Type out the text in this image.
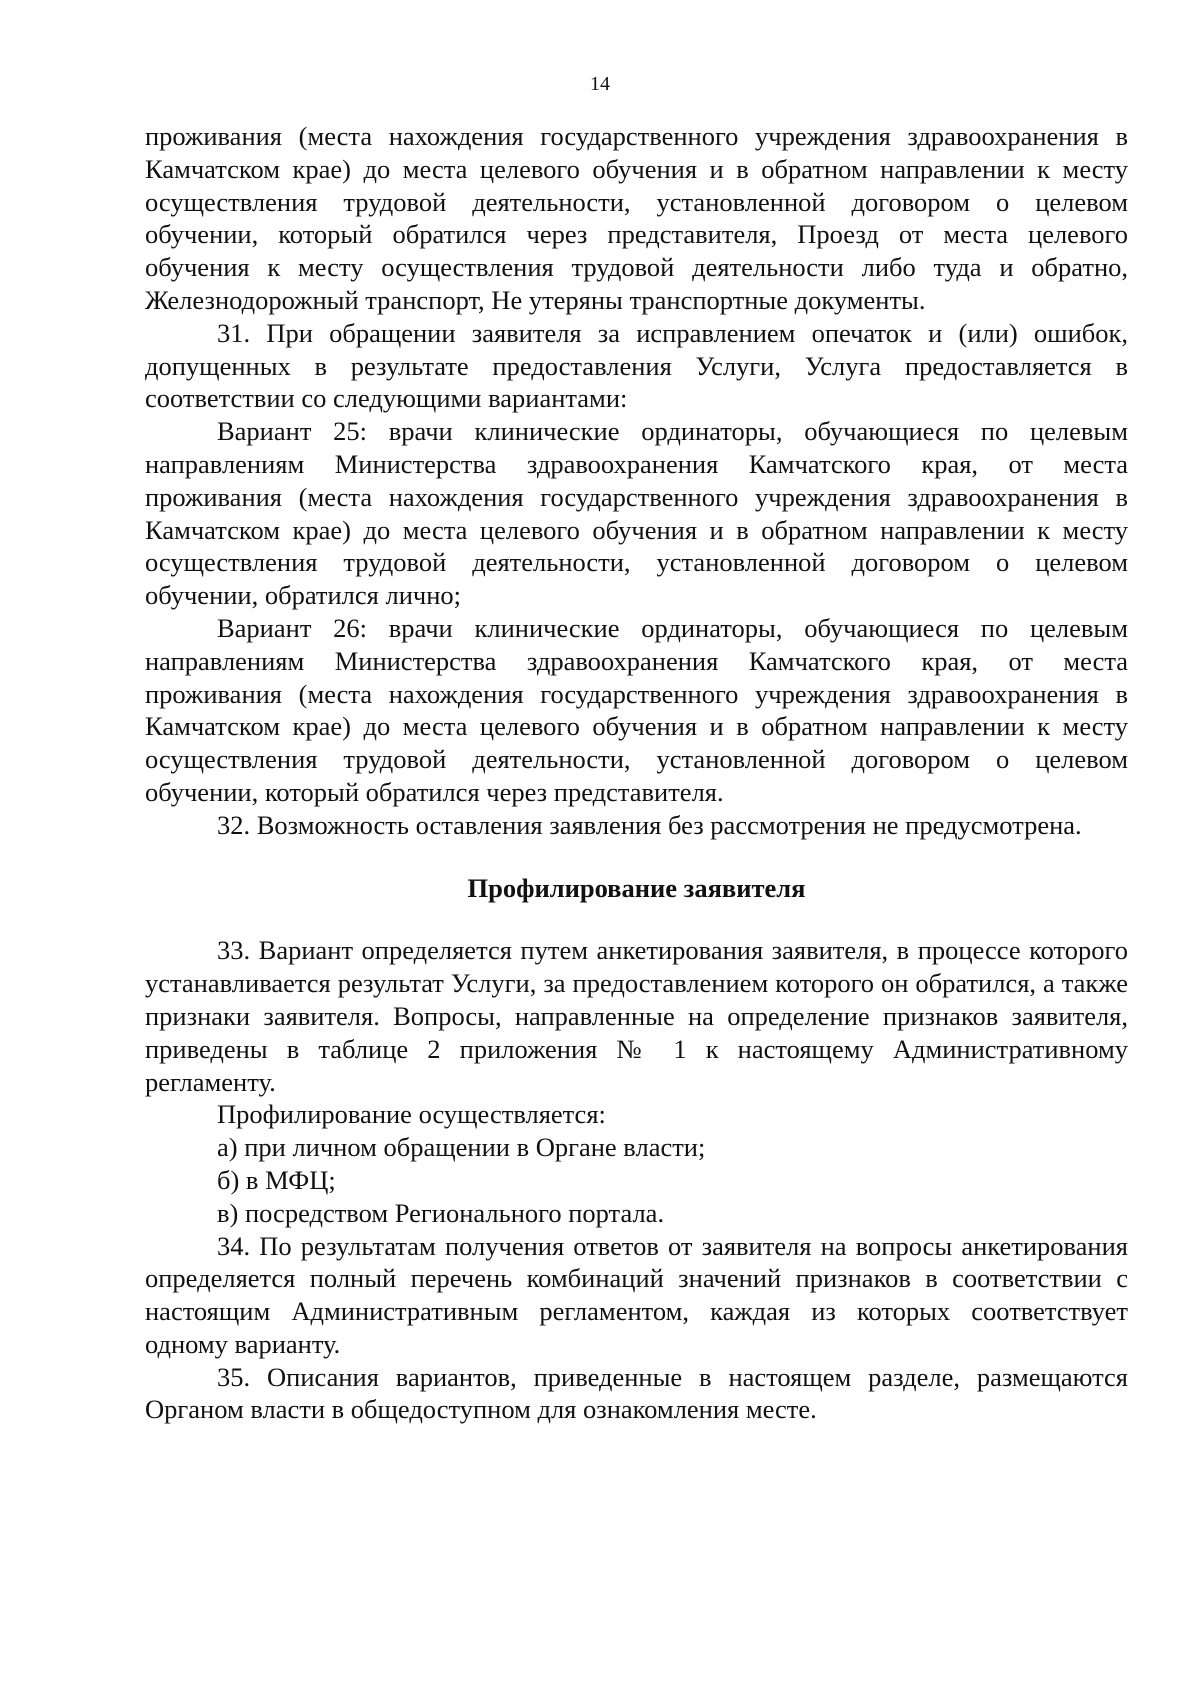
14

проживания (места нахождения государственного учреждения здравоохранения в Камчатском крае) до места целевого обучения и в обратном направлении к месту осуществления трудовой деятельности, установленной договором о целевом обучении, который обратился через представителя, Проезд от места целевого обучения к месту осуществления трудовой деятельности либо туда и обратно, Железнодорожный транспорт, Не утеряны транспортные документы.

31. При обращении заявителя за исправлением опечаток и (или) ошибок, допущенных в результате предоставления Услуги, Услуга предоставляется в соответствии со следующими вариантами:

Вариант 25: врачи клинические ординаторы, обучающиеся по целевым направлениям Министерства здравоохранения Камчатского края, от места проживания (места нахождения государственного учреждения здравоохранения в Камчатском крае) до места целевого обучения и в обратном направлении к месту осуществления трудовой деятельности, установленной договором о целевом обучении, обратился лично;

Вариант 26: врачи клинические ординаторы, обучающиеся по целевым направлениям Министерства здравоохранения Камчатского края, от места проживания (места нахождения государственного учреждения здравоохранения в Камчатском крае) до места целевого обучения и в обратном направлении к месту осуществления трудовой деятельности, установленной договором о целевом обучении, который обратился через представителя.

32. Возможность оставления заявления без рассмотрения не предусмотрена.

Профилирование заявителя

33. Вариант определяется путем анкетирования заявителя, в процессе которого устанавливается результат Услуги, за предоставлением которого он обратился, а также признаки заявителя. Вопросы, направленные на определение признаков заявителя, приведены в таблице 2 приложения № 1 к настоящему Административному регламенту.

Профилирование осуществляется:

а) при личном обращении в Органе власти;

б) в МФЦ;

в) посредством Регионального портала.

34. По результатам получения ответов от заявителя на вопросы анкетирования определяется полный перечень комбинаций значений признаков в соответствии с настоящим Административным регламентом, каждая из которых соответствует одному варианту.

35. Описания вариантов, приведенные в настоящем разделе, размещаются Органом власти в общедоступном для ознакомления месте.
